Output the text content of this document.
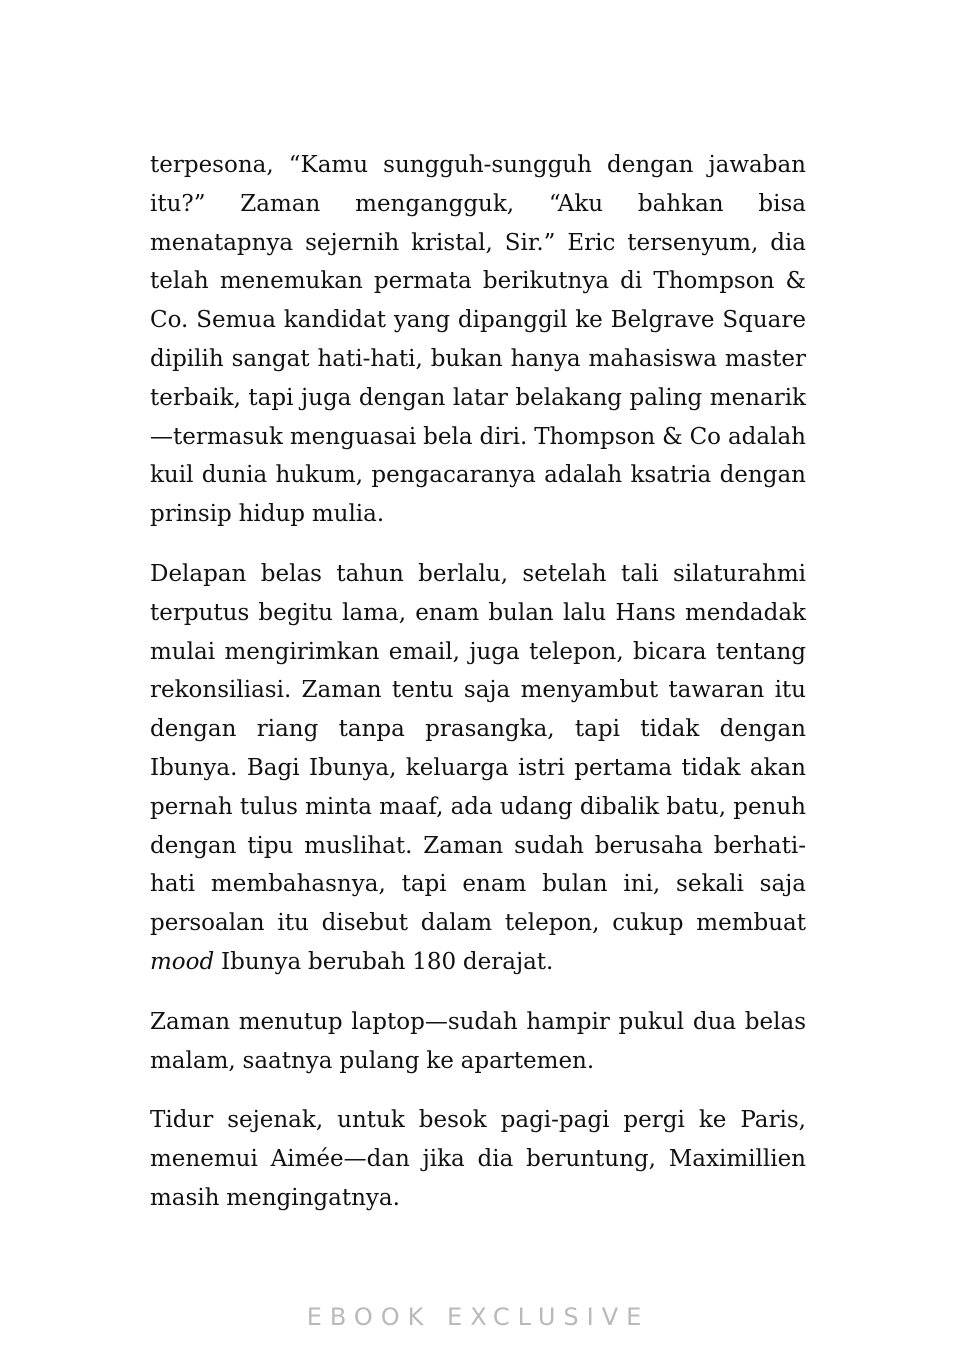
terpesona, “Kamu sungguh-sungguh dengan jawaban itu?” Zaman mengangguk, “Aku bahkan bisa menatapnya sejernih kristal, Sir.” Eric tersenyum, dia telah menemukan permata berikutnya di Thompson & Co. Semua kandidat yang dipanggil ke Belgrave Square dipilih sangat hati-hati, bukan hanya mahasiswa master terbaik, tapi juga dengan latar belakang paling menarik—termasuk menguasai bela diri. Thompson & Co adalah kuil dunia hukum, pengacaranya adalah ksatria dengan prinsip hidup mulia.

Delapan belas tahun berlalu, setelah tali silaturahmi terputus begitu lama, enam bulan lalu Hans mendadak mulai mengirimkan email, juga telepon, bicara tentang rekonsiliasi. Zaman tentu saja menyambut tawaran itu dengan riang tanpa prasangka, tapi tidak dengan Ibunya. Bagi Ibunya, keluarga istri pertama tidak akan pernah tulus minta maaf, ada udang dibalik batu, penuh dengan tipu muslihat. Zaman sudah berusaha berhati-hati membahasnya, tapi enam bulan ini, sekali saja persoalan itu disebut dalam telepon, cukup membuat mood Ibunya berubah 180 derajat.

Zaman menutup laptop—sudah hampir pukul dua belas malam, saatnya pulang ke apartemen.

Tidur sejenak, untuk besok pagi-pagi pergi ke Paris, menemui Aimée—dan jika dia beruntung, Maximillien masih mengingatnya.

EBOOK EXCLUSIVE
